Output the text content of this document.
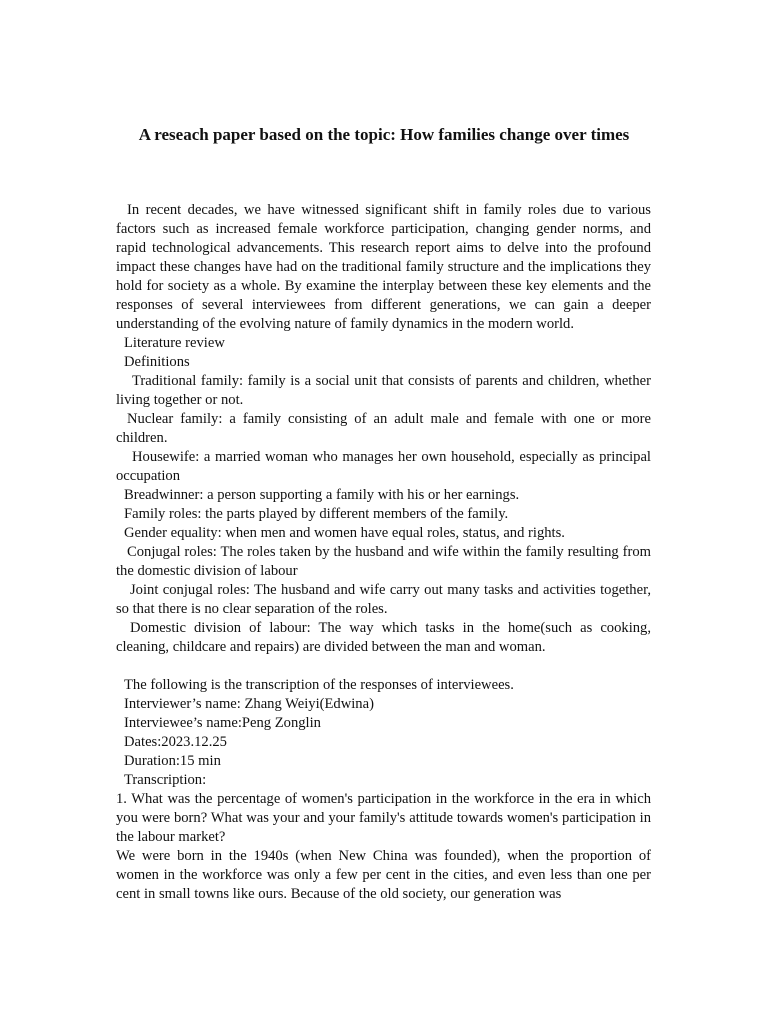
A reseach paper based on the topic: How families change over times

In recent decades, we have witnessed significant shift in family roles due to various factors such as increased female workforce participation, changing gender norms, and rapid technological advancements. This research report aims to delve into the profound impact these changes have had on the traditional family structure and the implications they hold for society as a whole. By examine the interplay between these key elements and the responses of several interviewees from different generations, we can gain a deeper understanding of the evolving nature of family dynamics in the modern world.

Literature review

Definitions

Traditional family: family is a social unit that consists of parents and children, whether living together or not.

Nuclear family: a family consisting of an adult male and female with one or more children.

Housewife: a married woman who manages her own household, especially as principal occupation

Breadwinner: a person supporting a family with his or her earnings.

Family roles: the parts played by different members of the family.

Gender equality: when men and women have equal roles, status, and rights.

Conjugal roles: The roles taken by the husband and wife within the family resulting from the domestic division of labour

Joint conjugal roles: The husband and wife carry out many tasks and activities together, so that there is no clear separation of the roles.

Domestic division of labour: The way which tasks in the home(such as cooking, cleaning, childcare and repairs) are divided between the man and woman.

The following is the transcription of the responses of interviewees.

Interviewer’s name: Zhang Weiyi(Edwina)

Interviewee’s name:Peng Zonglin

Dates:2023.12.25

Duration:15 min

Transcription:

1. What was the percentage of women's participation in the workforce in the era in which you were born? What was your and your family's attitude towards women's participation in the labour market?

We were born in the 1940s (when New China was founded), when the proportion of women in the workforce was only a few per cent in the cities, and even less than one per cent in small towns like ours. Because of the old society, our generation was
